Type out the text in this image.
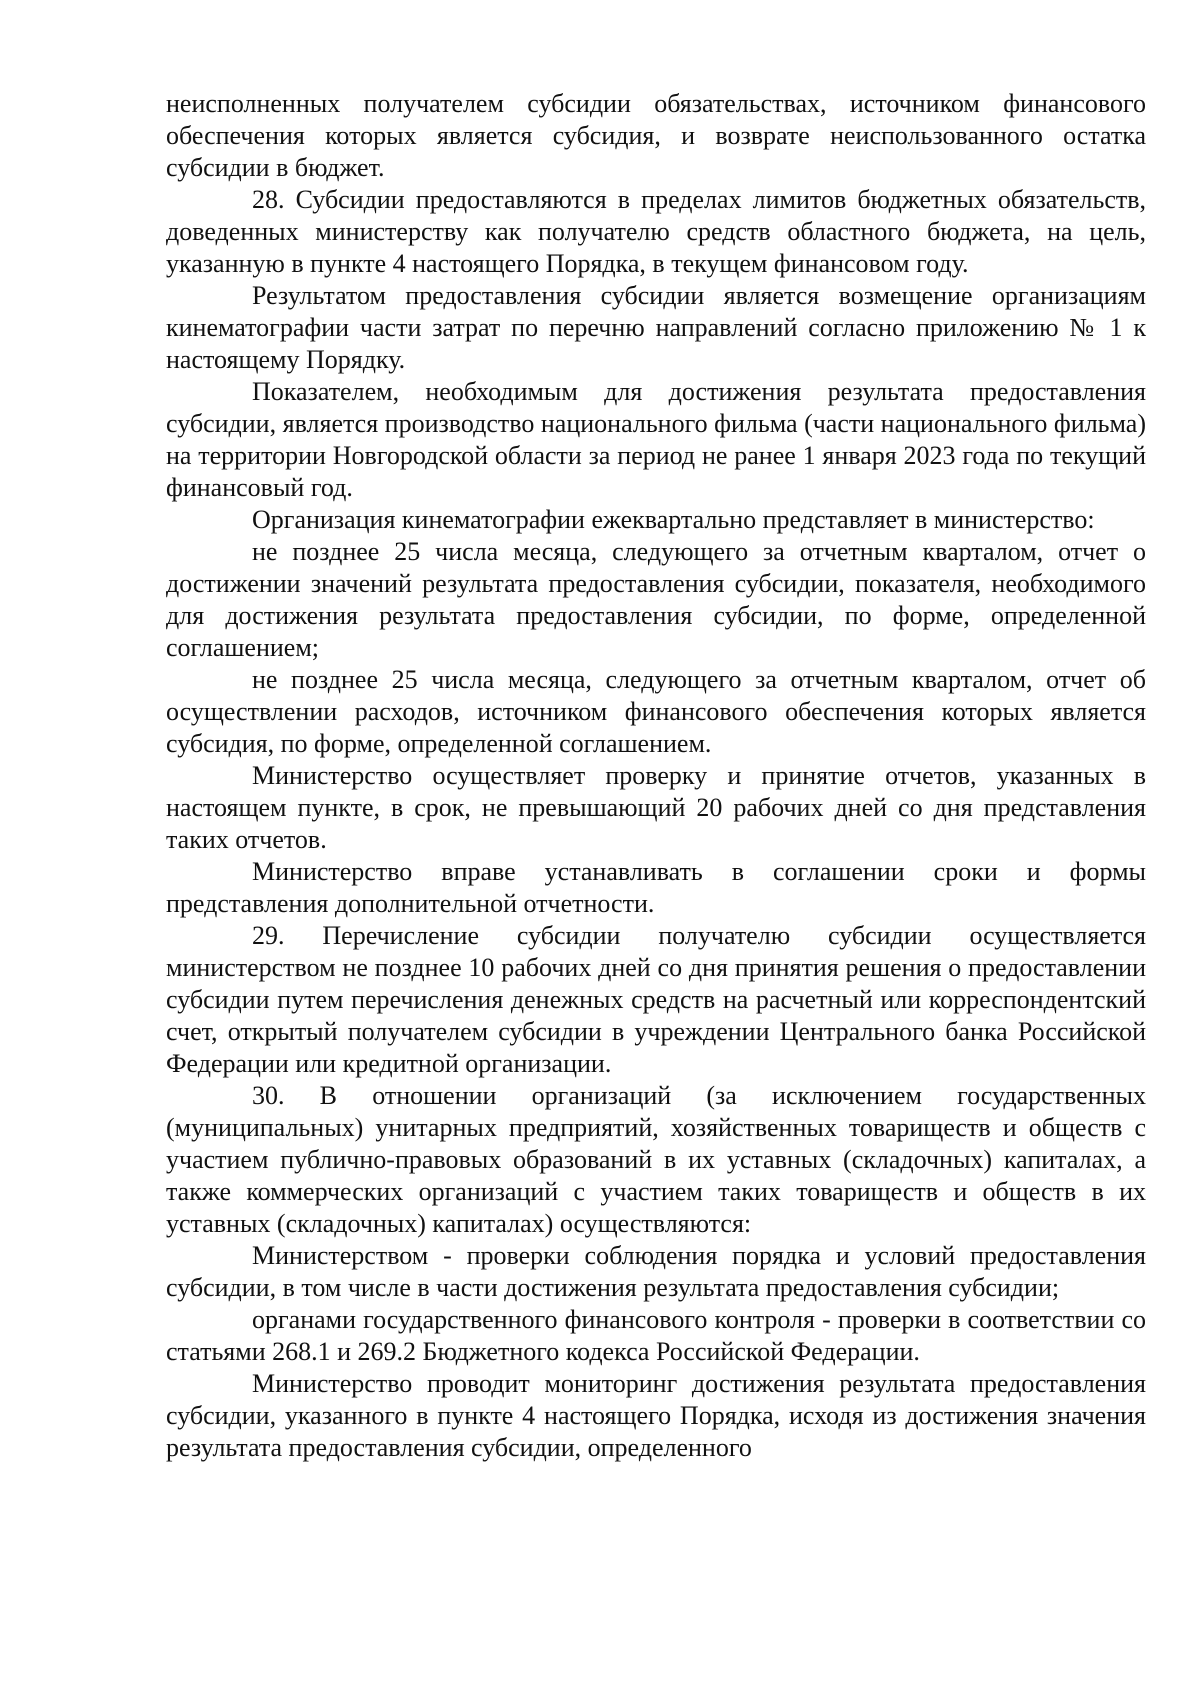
неисполненных получателем субсидии обязательствах, источником финансового обеспечения которых является субсидия, и возврате неиспользованного остатка субсидии в бюджет.

28. Субсидии предоставляются в пределах лимитов бюджетных обязательств, доведенных министерству как получателю средств областного бюджета, на цель, указанную в пункте 4 настоящего Порядка, в текущем финансовом году.

Результатом предоставления субсидии является возмещение организациям кинематографии части затрат по перечню направлений согласно приложению № 1 к настоящему Порядку.

Показателем, необходимым для достижения результата предоставления субсидии, является производство национального фильма (части национального фильма) на территории Новгородской области за период не ранее 1 января 2023 года по текущий финансовый год.

Организация кинематографии ежеквартально представляет в министерство:

не позднее 25 числа месяца, следующего за отчетным кварталом, отчет о достижении значений результата предоставления субсидии, показателя, необходимого для достижения результата предоставления субсидии, по форме, определенной соглашением;

не позднее 25 числа месяца, следующего за отчетным кварталом, отчет об осуществлении расходов, источником финансового обеспечения которых является субсидия, по форме, определенной соглашением.

Министерство осуществляет проверку и принятие отчетов, указанных в настоящем пункте, в срок, не превышающий 20 рабочих дней со дня представления таких отчетов.

Министерство вправе устанавливать в соглашении сроки и формы представления дополнительной отчетности.

29. Перечисление субсидии получателю субсидии осуществляется министерством не позднее 10 рабочих дней со дня принятия решения о предоставлении субсидии путем перечисления денежных средств на расчетный или корреспондентский счет, открытый получателем субсидии в учреждении Центрального банка Российской Федерации или кредитной организации.

30. В отношении организаций (за исключением государственных (муниципальных) унитарных предприятий, хозяйственных товариществ и обществ с участием публично-правовых образований в их уставных (складочных) капиталах, а также коммерческих организаций с участием таких товариществ и обществ в их уставных (складочных) капиталах) осуществляются:

Министерством - проверки соблюдения порядка и условий предоставления субсидии, в том числе в части достижения результата предоставления субсидии;

органами государственного финансового контроля - проверки в соответствии со статьями 268.1 и 269.2 Бюджетного кодекса Российской Федерации.

Министерство проводит мониторинг достижения результата предоставления субсидии, указанного в пункте 4 настоящего Порядка, исходя из достижения значения результата предоставления субсидии, определенного
